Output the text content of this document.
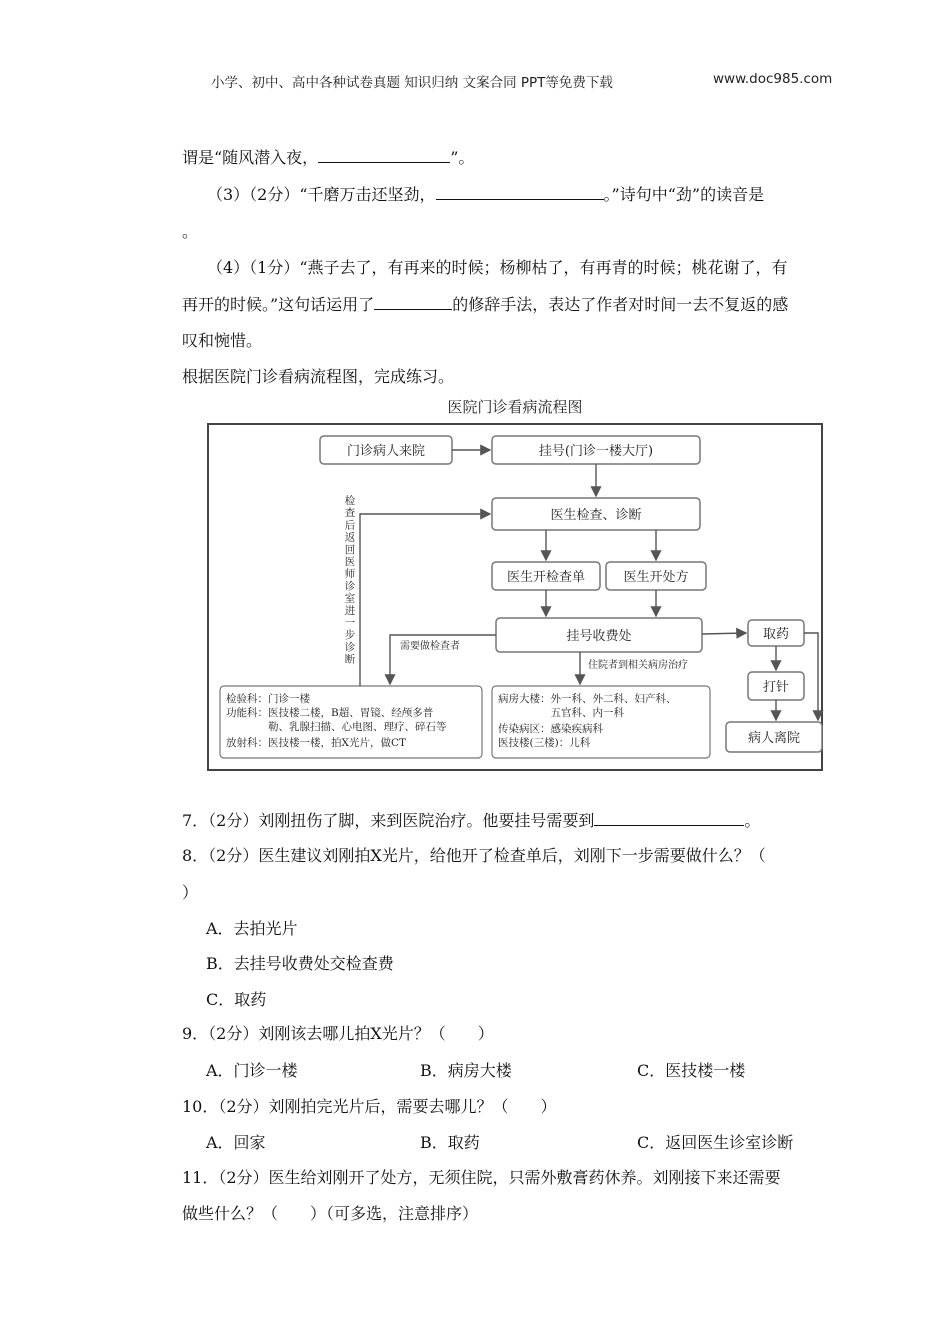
小学、初中、高中各种试卷真题 知识归纳 文案合同 PPT等免费下载	www.doc985.com
谓是“随风潜入夜，	”。
（3）（2分）“千磨万击还坚劲，	。”诗句中“劲”的读音是
。
（4）（1分）“燕子去了，有再来的时候；杨柳枯了，有再青的时候；桃花谢了，有
再开的时候。”这句话运用了	的修辞手法，表达了作者对时间一去不复返的感
叹和惋惜。
根据医院门诊看病流程图，完成练习。
医院门诊看病流程图
门诊病人来院	挂号(门诊一楼大厅)
医生检查、诊断
医生开检查单	医生开处方
挂号收费处	取药
打针
病人离院
检验科：门诊一楼
功能科：医技楼二楼，B超、胃镜、经颅多普
　　　　勒、乳腺扫描、心电图、理疗、碎石等
放射科：医技楼一楼，拍X光片，做CT
病房大楼：外一科、外二科、妇产科、
　　　　　五官科、内一科
传染病区：感染疾病科
医技楼(三楼)：儿科
检查后返回医师诊室进一步诊断
需要做检查者
住院者到相关病房治疗
7．（2分）刘刚扭伤了脚，来到医院治疗。他要挂号需要到	。
8．（2分）医生建议刘刚拍X光片，给他开了检查单后，刘刚下一步需要做什么？（
）
A．去拍光片
B．去挂号收费处交检查费
C．取药
9．（2分）刘刚该去哪儿拍X光片？（　　）
A．门诊一楼	B．病房大楼	C．医技楼一楼
10．（2分）刘刚拍完光片后，需要去哪儿？（　　）
A．回家	B．取药	C．返回医生诊室诊断
11．（2分）医生给刘刚开了处方，无须住院，只需外敷膏药休养。刘刚接下来还需要
做些什么？（　　）（可多选，注意排序）
